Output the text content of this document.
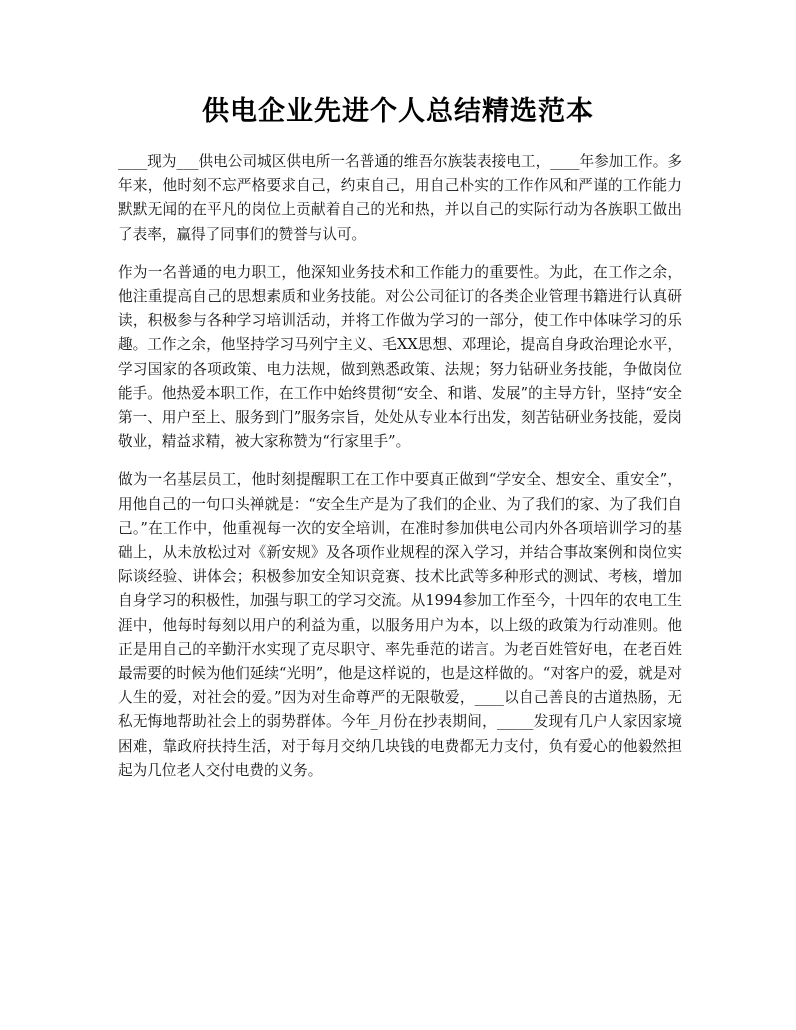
供电企业先进个人总结精选范本

____现为___供电公司城区供电所一名普通的维吾尔族装表接电工，____年参加工作。多年来，他时刻不忘严格要求自己，约束自己，用自己朴实的工作作风和严谨的工作能力默默无闻的在平凡的岗位上贡献着自己的光和热，并以自己的实际行动为各族职工做出了表率，赢得了同事们的赞誉与认可。

作为一名普通的电力职工，他深知业务技术和工作能力的重要性。为此，在工作之余，他注重提高自己的思想素质和业务技能。对公公司征订的各类企业管理书籍进行认真研读，积极参与各种学习培训活动，并将工作做为学习的一部分，使工作中体味学习的乐趣。工作之余，他坚持学习马列宁主义、毛XX思想、邓理论，提高自身政治理论水平，学习国家的各项政策、电力法规，做到熟悉政策、法规；努力钻研业务技能，争做岗位能手。他热爱本职工作，在工作中始终贯彻“安全、和谐、发展”的主导方针，坚持“安全第一、用户至上、服务到门”服务宗旨，处处从专业本行出发，刻苦钻研业务技能，爱岗敬业，精益求精，被大家称赞为“行家里手”。

做为一名基层员工，他时刻提醒职工在工作中要真正做到“学安全、想安全、重安全”，用他自己的一句口头禅就是：“安全生产是为了我们的企业、为了我们的家、为了我们自己。”在工作中，他重视每一次的安全培训，在准时参加供电公司内外各项培训学习的基础上，从未放松过对《新安规》及各项作业规程的深入学习，并结合事故案例和岗位实际谈经验、讲体会；积极参加安全知识竞赛、技术比武等多种形式的测试、考核，增加自身学习的积极性，加强与职工的学习交流。从1994参加工作至今，十四年的农电工生涯中，他每时每刻以用户的利益为重，以服务用户为本，以上级的政策为行动准则。他正是用自己的辛勤汗水实现了克尽职守、率先垂范的诺言。为老百姓管好电，在老百姓最需要的时候为他们延续“光明”，他是这样说的，也是这样做的。“对客户的爱，就是对人生的爱，对社会的爱。”因为对生命尊严的无限敬爱，____以自己善良的古道热肠，无私无悔地帮助社会上的弱势群体。今年_月份在抄表期间，_____发现有几户人家因家境困难，靠政府扶持生活，对于每月交纳几块钱的电费都无力支付，负有爱心的他毅然担起为几位老人交付电费的义务。
